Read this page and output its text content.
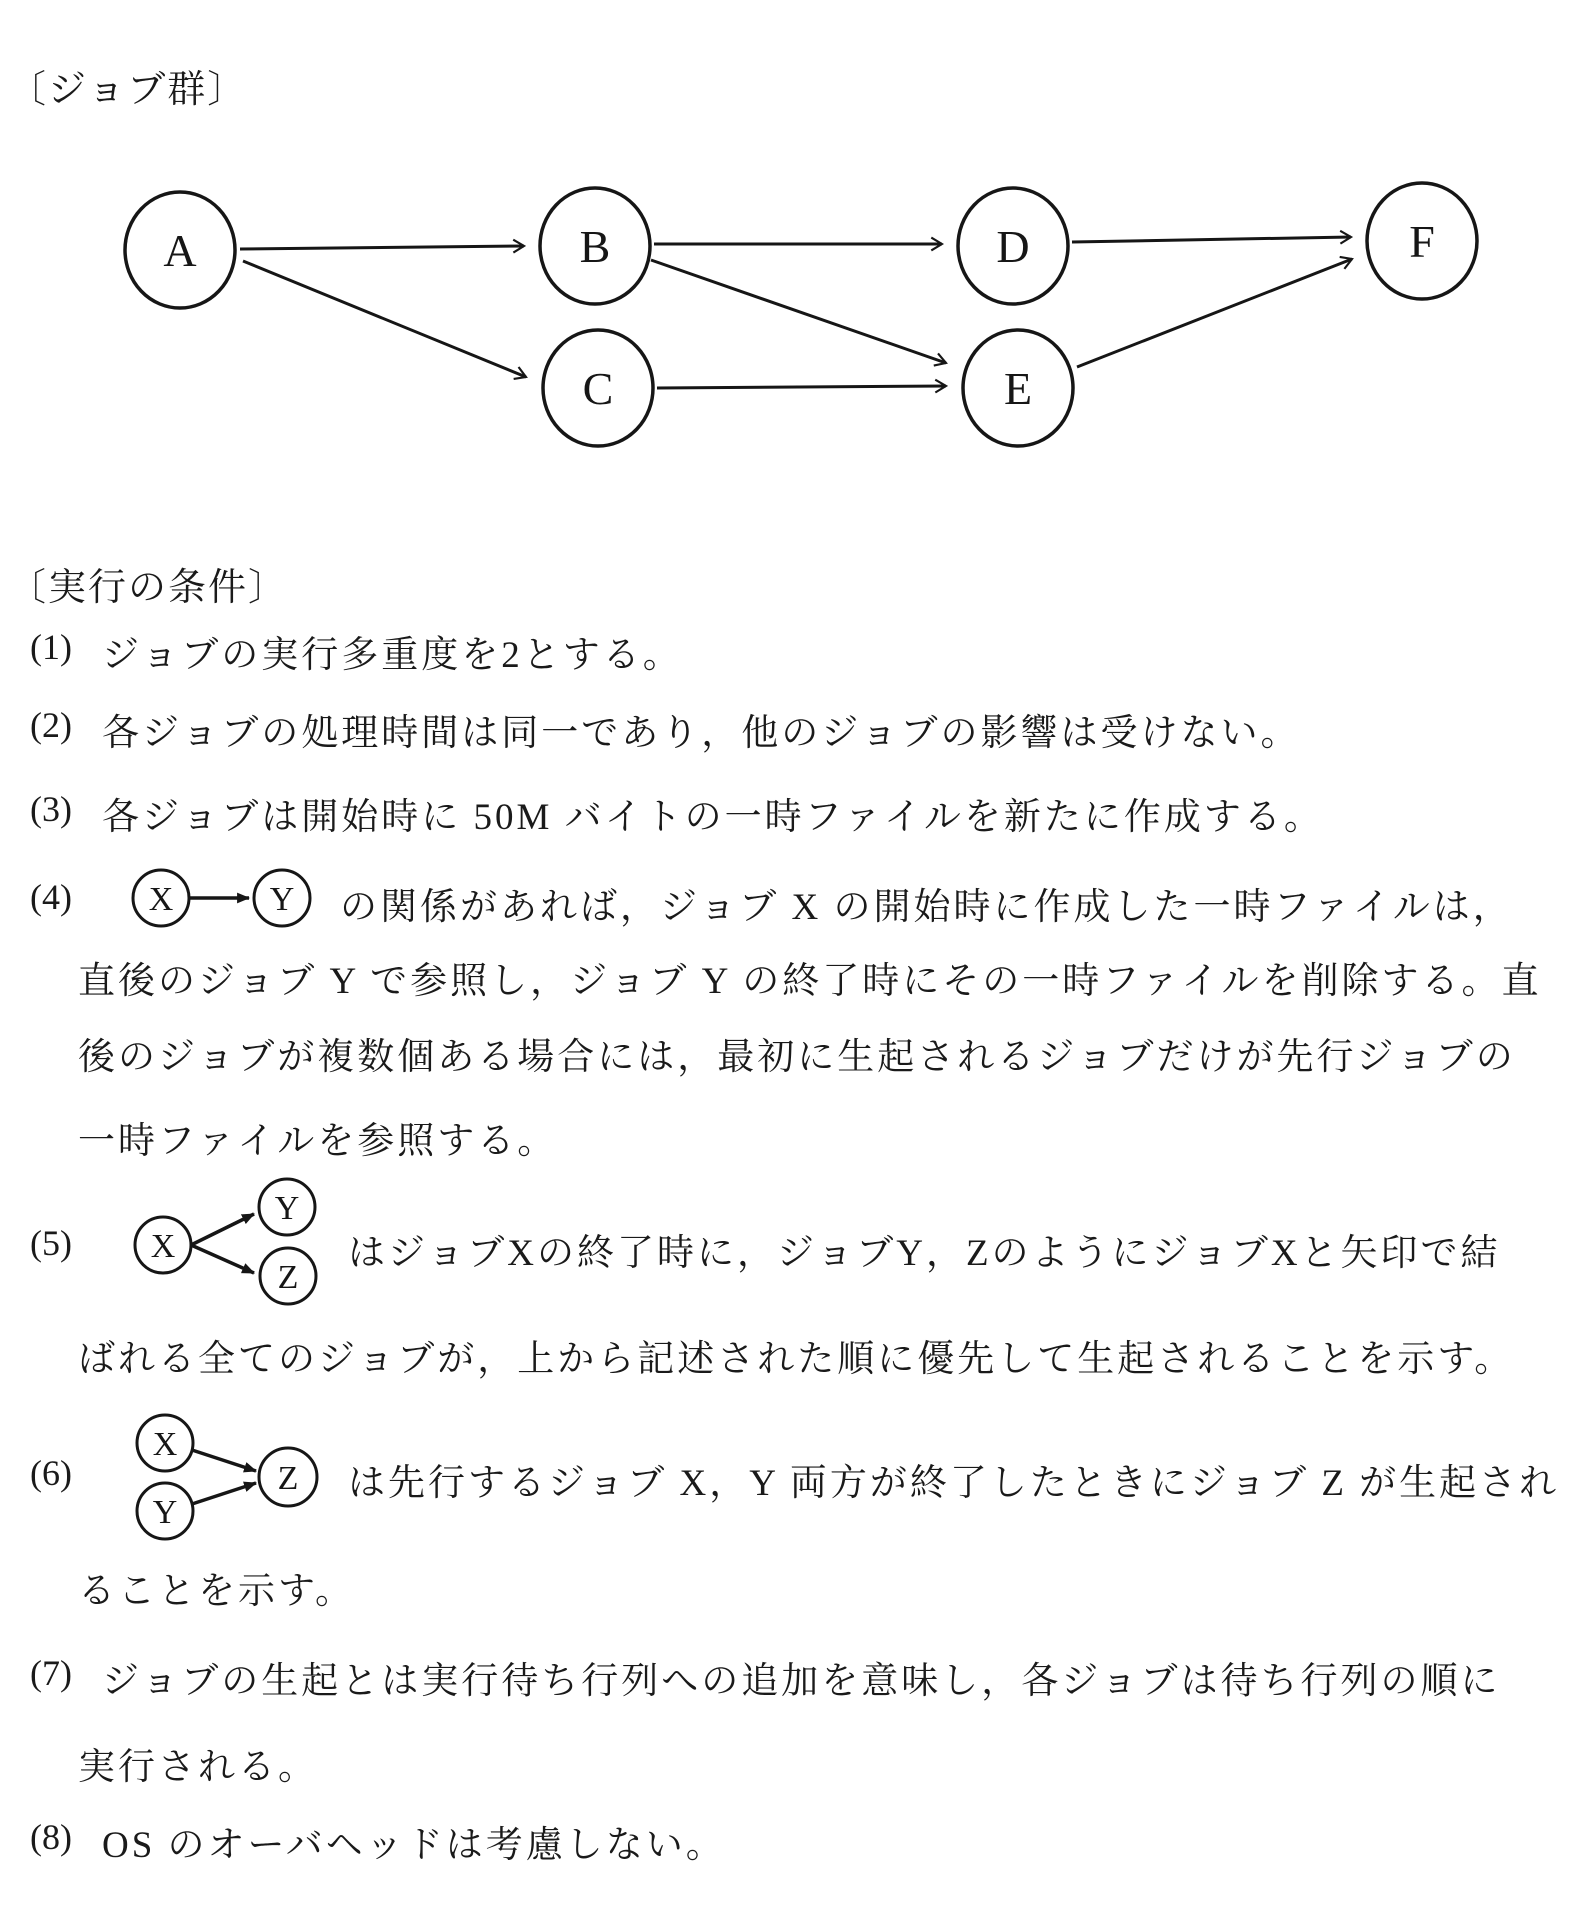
〔ジョブ群〕
A	B
C
D
E
F
〔実行の条件〕
(1) ジョブの実行多重度を2とする。
(2) 各ジョブの処理時間は同一であり，他のジョブの影響は受けない。
(3) 各ジョブは開始時に 50M バイトの一時ファイルを新たに作成する。
(4) X	Y の関係があれば，ジョブ X の開始時に作成した一時ファイルは，
直後のジョブ Y で参照し，ジョブ Y の終了時にその一時ファイルを削除する。直
後のジョブが複数個ある場合には，最初に生起されるジョブだけが先行ジョブの
一時ファイルを参照する。
(5) X
Y
Z
はジョブXの終了時に，ジョブY，ZのようにジョブXと矢印で結
ばれる全てのジョブが，上から記述された順に優先して生起されることを示す。
(6)
X
Y
Z は先行するジョブ X，Y 両方が終了したときにジョブ Z が生起され
ることを示す。
(7) ジョブの生起とは実行待ち行列への追加を意味し，各ジョブは待ち行列の順に
実行される。
(8) OS のオーバヘッドは考慮しない。
